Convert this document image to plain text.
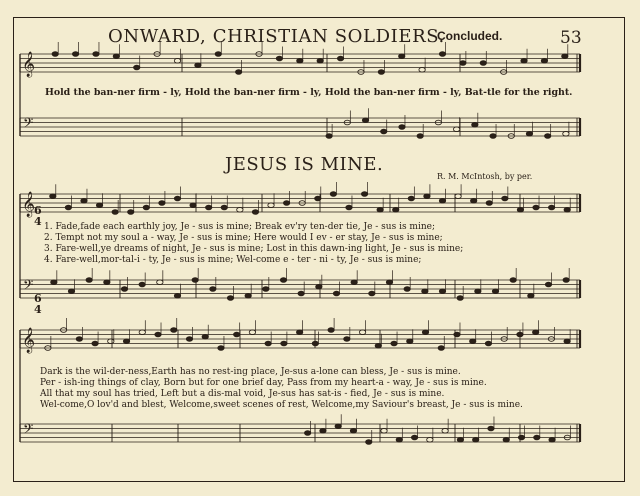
ONWARD, CHRISTIAN SOLDIERS.
Concluded.	53
Hold the ban-ner firm - ly, Hold the ban-ner firm - ly, Hold the ban-ner firm - ly, Bat-tle for the right.
JESUS IS MINE.
R. M. McIntosh, by per.
1. Fade,fade each earthly joy, Je - sus is mine; Break ev'ry ten-der tie, Je - sus is mine;
2. Tempt not my soul a - way, Je - sus is mine; Here would I ev - er stay, Je - sus is mine;
3. Fare-well,ye dreams of night, Je - sus is mine; Lost in this dawn-ing light, Je - sus is mine;
4. Fare-well,mor-tal-i - ty, Je - sus is mine; Wel-come e - ter - ni - ty, Je - sus is mine;
Dark is the wil-der-ness,Earth has no rest-ing place, Je-sus a-lone can bless, Je - sus is mine.
Per - ish-ing things of clay, Born but for one brief day, Pass from my heart-a - way, Je - sus is mine.
All that my soul has tried, Left but a dis-mal void, Je-sus has sat-is - fied, Je - sus is mine.
Wel-come,O lov'd and blest, Welcome,sweet scenes of rest, Welcome,my Saviour's breast, Je - sus is mine.
𝄞
𝄢
𝄞
𝄢
𝄞
𝄢
6 4
6 4
